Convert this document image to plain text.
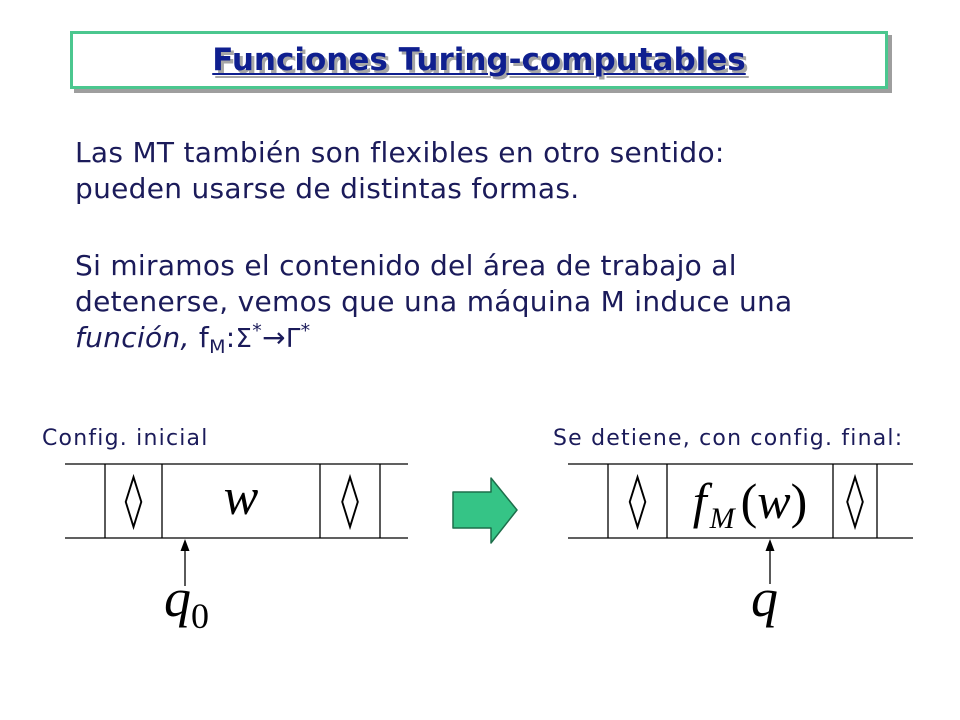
Funciones Turing-computables
Las MT también son flexibles en otro sentido:
pueden usarse de distintas formas.
Si miramos el contenido del área de trabajo al
detenerse, vemos que una máquina M induce una
función, $f_M:\Sigma^*\to\Gamma^*$
Config. inicial	Se detiene, con config. final:
◊ w ◊
$q_0$
◊ f $_M$ (w) ◊
q
